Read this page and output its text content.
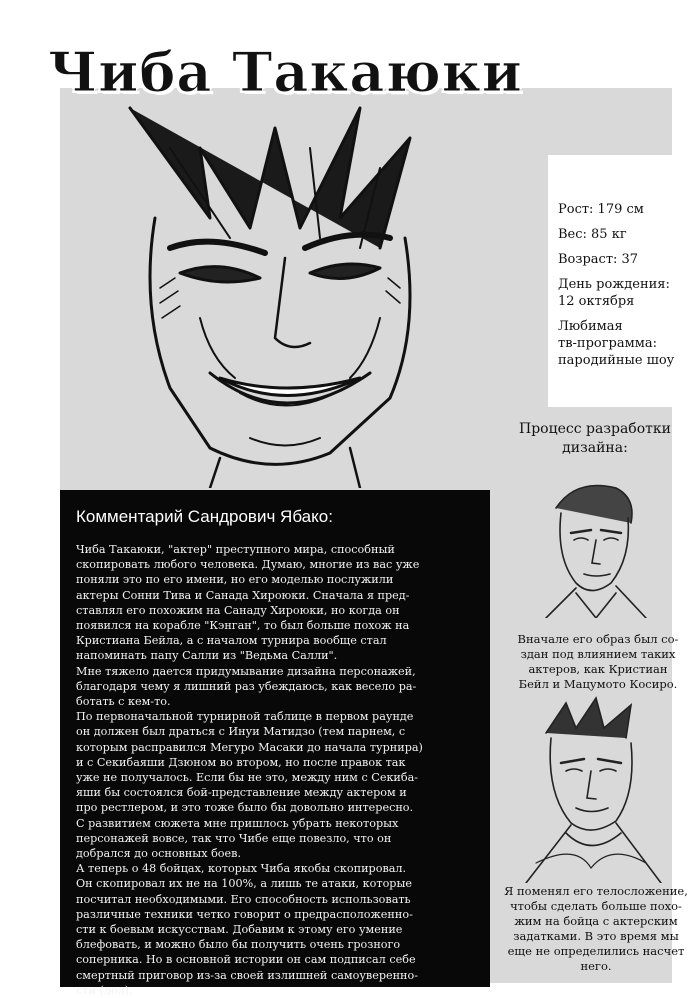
Чиба Такаюки
Рост: 179 см
Вес: 85 кг
Возраст: 37
День рождения:
12 октября
Любимая
тв-программа:
пародийные шоу
Процесс разработки
дизайна:
Вначале его образ был со-
здан под влиянием таких
актеров, как Кристиан
Бейл и Мацумото Косиро.
Я поменял его телосложение,
чтобы сделать больше похо-
жим на бойца с актерским
задатками. В это время мы
еще не определились насчет
него.
Комментарий Сандрович Ябако:
Чиба Такаюки, "актер" преступного мира, способный
скопировать любого человека. Думаю, многие из вас уже
поняли это по его имени, но его моделью послужили
актеры Сонни Тива и Санада Хироюки. Сначала я пред-
ставлял его похожим на Санаду Хироюки, но когда он
появился на корабле "Кэнган", то был больше похож на
Кристиана Бейла, а с началом турнира вообще стал
напоминать папу Салли из "Ведьма Салли".
Мне тяжело дается придумывание дизайна персонажей,
благодаря чему я лишний раз убеждаюсь, как весело ра-
ботать с кем-то.
По первоначальной турнирной таблице в первом раунде
он должен был драться с Инуи Матидзо (тем парнем, с
которым расправился Мегуро Масаки до начала турнира)
и с Секибаяши Дзюном во втором, но после правок так
уже не получалось. Если бы не это, между ним с Секиба-
яши бы состоялся бой-представление между актером и
про рестлером, и это тоже было бы довольно интересно.
С развитием сюжета мне пришлось убрать некоторых
персонажей вовсе, так что Чибе еще повезло, что он
добрался до основных боев.
А теперь о 48 бойцах, которых Чиба якобы скопировал.
Он скопировал их не на 100%, а лишь те атаки, которые
посчитал необходимыми. Его способность использовать
различные техники четко говорит о предрасположенно-
сти к боевым искусствам. Добавим к этому его умение
блефовать, и можно было бы получить очень грозного
соперника. Но в основной истории он сам подписал себе
смертный приговор из-за своей излишней самоуверенно-
сти (лол).
